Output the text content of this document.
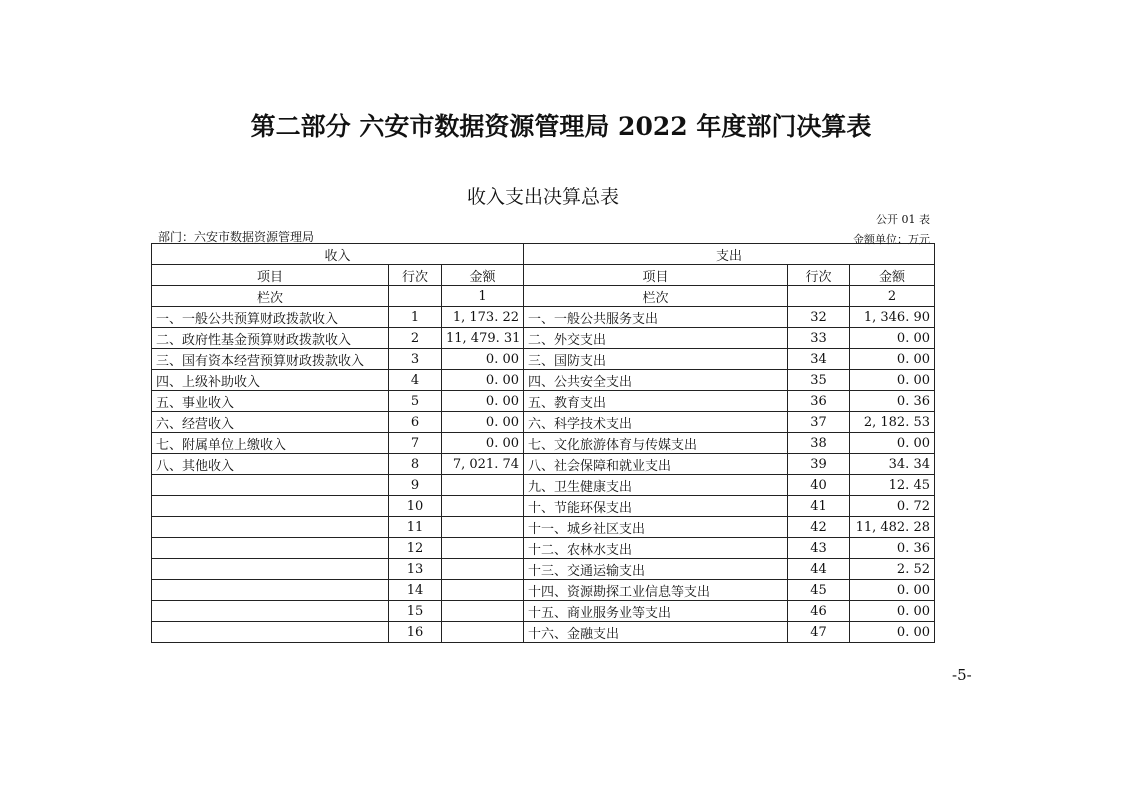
第二部分 六安市数据资源管理局 2022 年度部门决算表
收入支出决算总表
公开 01 表
部门：六安市数据资源管理局	金额单位：万元
收入			支出		
项目	行次	金额	项目	行次	金额
栏次		1	栏次		2
一、一般公共预算财政拨款收入	1	1, 173. 22	一、一般公共服务支出	32	1, 346. 90
二、政府性基金预算财政拨款收入	2	11, 479. 31	二、外交支出	33	0. 00
三、国有资本经营预算财政拨款收入	3	0. 00	三、国防支出	34	0. 00
四、上级补助收入	4	0. 00	四、公共安全支出	35	0. 00
五、事业收入	5	0. 00	五、教育支出	36	0. 36
六、经营收入	6	0. 00	六、科学技术支出	37	2, 182. 53
七、附属单位上缴收入	7	0. 00	七、文化旅游体育与传媒支出	38	0. 00
八、其他收入	8	7, 021. 74	八、社会保障和就业支出	39	34. 34
	9		九、卫生健康支出	40	12. 45
	10		十、节能环保支出	41	0. 72
	11		十一、城乡社区支出	42	11, 482. 28
	12		十二、农林水支出	43	0. 36
	13		十三、交通运输支出	44	2. 52
	14		十四、资源勘探工业信息等支出	45	0. 00
	15		十五、商业服务业等支出	46	0. 00
	16		十六、金融支出	47	0. 00
-5-
